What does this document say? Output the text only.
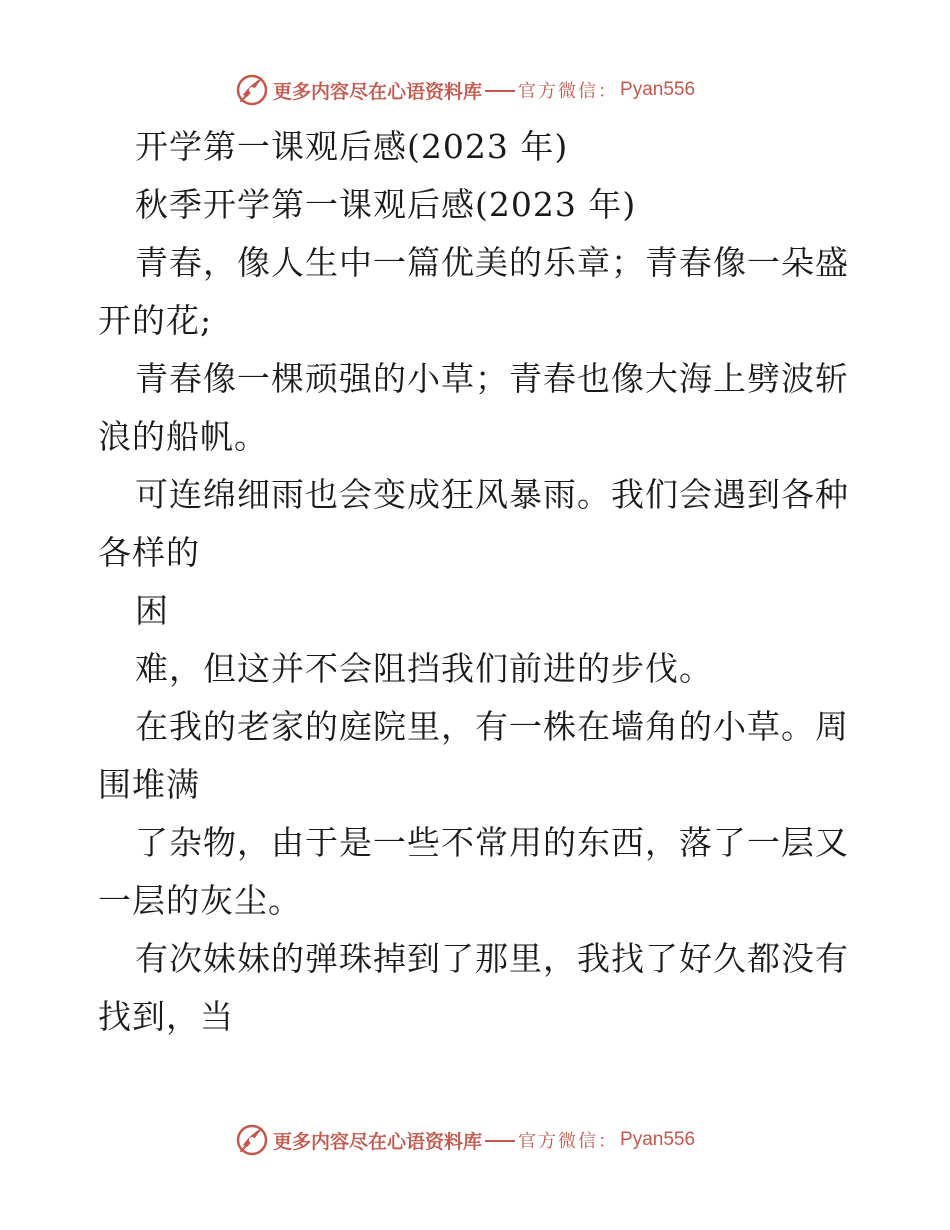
更多内容尽在心语资料库 官方微信： Pyan556

开学第一课观后感(2023 年)

秋季开学第一课观后感(2023 年)

青春，像人生中一篇优美的乐章；青春像一朵盛开的花;

青春像一棵顽强的小草；青春也像大海上劈波斩浪的船帆。

可连绵细雨也会变成狂风暴雨。我们会遇到各种各样的

困

难，但这并不会阻挡我们前进的步伐。

在我的老家的庭院里，有一株在墙角的小草。周围堆满

了杂物，由于是一些不常用的东西，落了一层又一层的灰尘。

有次妹妹的弹珠掉到了那里，我找了好久都没有找到，当

更多内容尽在心语资料库 官方微信： Pyan556
